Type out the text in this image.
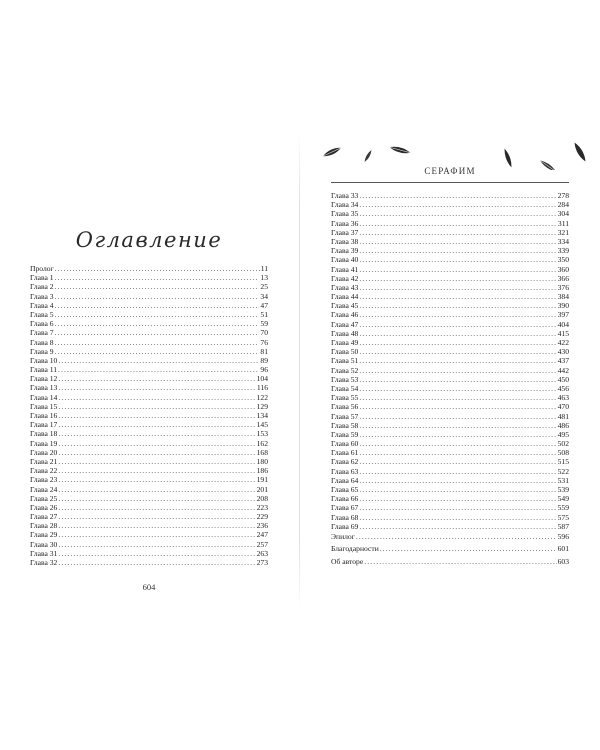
Оглавление
Пролог . . .	11
Глава 1 . . .	13
Глава 2 . . .	25
Глава 3 . . .	34
Глава 4 . . .	47
Глава 5 . . .	51
Глава 6 . . .	59
Глава 7 . . .	70
Глава 8 . . .	76
Глава 9 . . .	81
Глава 10 . . .	89
Глава 11 . . .	96
Глава 12 . . .	104
Глава 13 . . .	116
Глава 14 . . .	122
Глава 15 . . .	129
Глава 16 . . .	134
Глава 17 . . .	145
Глава 18 . . .	153
Глава 19 . . .	162
Глава 20 . . .	168
Глава 21 . . .	180
Глава 22 . . .	186
Глава 23 . . .	191
Глава 24 . . .	201
Глава 25 . . .	208
Глава 26 . . .	223
Глава 27 . . .	229
Глава 28 . . .	236
Глава 29 . . .	247
Глава 30 . . .	257
Глава 31 . . .	263
Глава 32 . . .	273
604
СЕРАФИМ
Глава 33 . . .	278
Глава 34 . . .	284
Глава 35 . . .	304
Глава 36 . . .	311
Глава 37 . . .	321
Глава 38 . . .	334
Глава 39 . . .	339
Глава 40 . . .	350
Глава 41 . . .	360
Глава 42 . . .	366
Глава 43 . . .	376
Глава 44 . . .	384
Глава 45 . . .	390
Глава 46 . . .	397
Глава 47 . . .	404
Глава 48 . . .	415
Глава 49 . . .	422
Глава 50 . . .	430
Глава 51 . . .	437
Глава 52 . . .	442
Глава 53 . . .	450
Глава 54 . . .	456
Глава 55 . . .	463
Глава 56 . . .	470
Глава 57 . . .	481
Глава 58 . . .	486
Глава 59 . . .	495
Глава 60 . . .	502
Глава 61 . . .	508
Глава 62 . . .	515
Глава 63 . . .	522
Глава 64 . . .	531
Глава 65 . . .	539
Глава 66 . . .	549
Глава 67 . . .	559
Глава 68 . . .	575
Глава 69 . . .	587
Эпилог . . .	596
Благодарности . . .	601
Об авторе . . .	603
